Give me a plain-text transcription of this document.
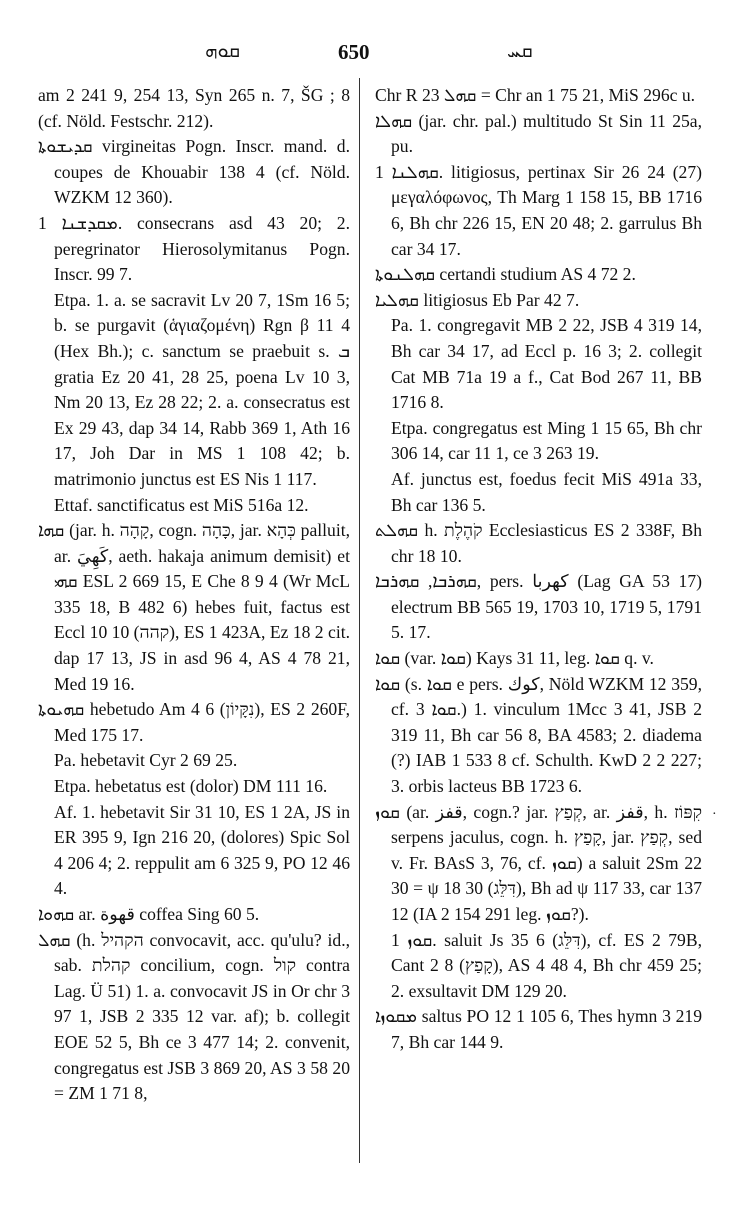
ܩܘܗ	650	ܩܚ
am 2 241 9, 254 13, Syn 265 n. 7, ŠG ; 8 (cf. Nöld. Festschr. 212).
ܩܕܝܫܘܬܐ virgineitas Pogn. Inscr. mand. d. coupes de Khouabir 138 4 (cf. Nöld. WZKM 12 360).
ܡܩܕܫܢܐ 1. consecrans asd 43 20; 2. peregrinator Hierosolymitanus Pogn. Inscr. 99 7.
Etpa. 1. a. se sacravit Lv 20 7, 1Sm 16 5; b. se purgavit (ἁγιαζομένη) Rgn β 11 4 (Hex Bh.); c. sanctum se praebuit s. ܒ gratia Ez 20 41, 28 25, poena Lv 10 3, Nm 20 13, Ez 28 22; 2. a. consecratus est Ex 29 43, dap 34 14, Rabb 369 1, Ath 16 17, Joh Dar in MS 1 108 42; b. matrimonio junctus est ES Nis 1 117.
Ettaf. sanctificatus est MiS 516a 12.
ܩܗܐ (jar. h. קָהָה, cogn. כָּהָה, jar. כְּהָא palluit, ar. كَهِيَ, aeth. hakaja animum demisit) et ܩܗܝ ESL 2 669 15, E Che 8 9 4 (Wr McL 335 18, B 482 6) hebes fuit, factus est Eccl 10 10 (קהה), ES 1 423A, Ez 18 2 cit. dap 17 13, JS in asd 96 4, AS 4 78 21, Med 19 16.
ܩܗܝܘܬܐ hebetudo Am 4 6 (נִקָּיוֹן), ES 2 260F, Med 175 17.
Pa. hebetavit Cyr 2 69 25.
Etpa. hebetatus est (dolor) DM 111 16.
Af. 1. hebetavit Sir 31 10, ES 1 2A, JS in ER 395 9, Ign 216 20, (dolores) Spic Sol 4 206 4; 2. reppulit am 6 325 9, PO 12 46 4.
ܩܗܘܐ ar. قهوة coffea Sing 60 5.
ܩܗܠ (h. הקהיל convocavit, acc. qu'ulu? id., sab. קהלת concilium, cogn. קול contra Lag. Ü 51) 1. a. convocavit JS in Or chr 3 97 1, JSB 2 335 12 var. af); b. collegit EOE 52 5, Bh ce 3 477 14; 2. convenit, congregatus est JSB 3 869 20, AS 3 58 20 = ZM 1 71 8,
Chr R ܩܗܠ 23 = Chr an 1 75 21, MiS 296c u.
ܩܗܠܐ (jar. chr. pal.) multitudo St Sin 11 25a, pu.
ܩܗܠܢܐ 1. litigiosus, pertinax Sir 26 24 (27) μεγαλόφωνος, Th Marg 1 158 15, BB 1716 6, Bh chr 226 15, EN 20 48; 2. garrulus Bh car 34 17.
ܩܗܠܢܘܬܐ certandi studium AS 4 72 2.
ܩܗܠܝܐ litigiosus Eb Par 42 7.
Pa. 1. congregavit MB 2 22, JSB 4 319 14, Bh car 34 17, ad Eccl p. 16 3; 2. collegit Cat MB 71a 19 a f., Cat Bod 267 11, BB 1716 8.
Etpa. congregatus est Ming 1 15 65, Bh chr 306 14, car 11 1, ce 3 263 19.
Af. junctus est, foedus fecit MiS 491a 33, Bh car 136 5.
ܩܗܠܬ h. קֹהֶלֶת Ecclesiasticus ES 2 338F, Bh chr 18 10.
ܩܗܪܒܐ, ܩܗܪܒܐ, pers. كهربا (Lag GA 53 17) electrum BB 565 19, 1703 10, 1719 5, 1791 5. 17.
ܩܘܐ (var. ܩܘܐ) Kays 31 11, leg. ܩܘܐ q. v.
ܩܘܐ (s. ܩܘܐ e pers. كوك, Nöld WZKM 12 359, cf. ܩܘܐ 3.) 1. vinculum 1Mcc 3 41, JSB 2 319 11, Bh car 56 8, BA 4583; 2. diadema (?) IAB 1 533 8 cf. Schulth. KwD 2 2 227; 3. orbis lacteus BB 1723 6.
ܩܘܙ (ar. قفز, cogn.? jar. קְפַץ, ar. قفز, h. קִפּוֹז serpens jaculus, cogn. h. קָפַץ, jar. קְפַץ, sed v. Fr. BAsS 3, 76, cf. ܩܘܙ) a saluit 2Sm 22 30 = ψ 18 30 (דִּלֵּג), Bh ad ψ 117 33, car 137 12 (IA 2 154 291 leg. ܩܘܙ?).
ܩܘܙ 1. saluit Js 35 6 (דִּלֵּג), cf. ES 2 79B, Cant 2 8 (קָפַץ), AS 4 48 4, Bh chr 459 25; 2. exsultavit DM 129 20.
ܡܩܘܙܐ saltus PO 12 1 105 6, Thes hymn 3 219 7, Bh car 144 9.
·
